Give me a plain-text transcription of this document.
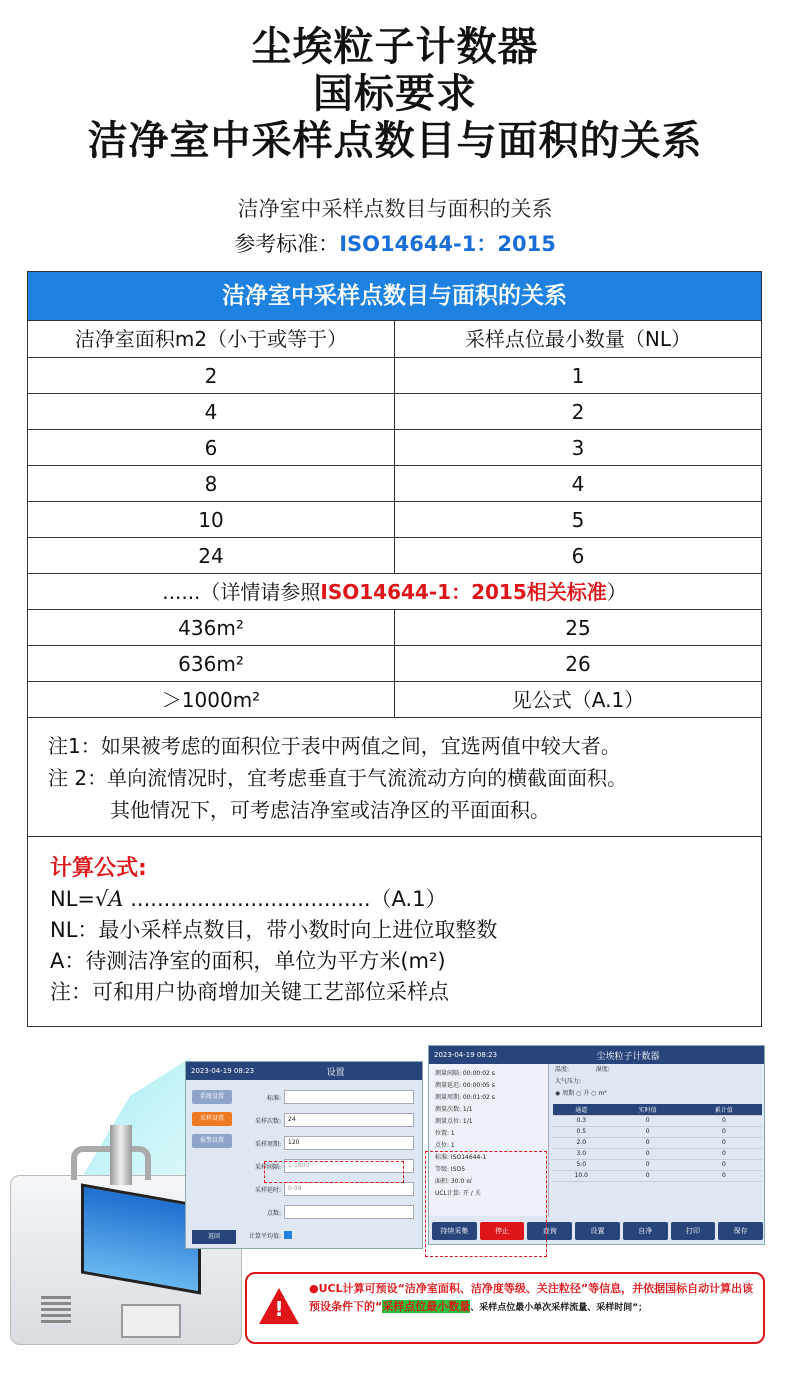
尘埃粒子计数器
国标要求
洁净室中采样点数目与面积的关系
洁净室中采样点数目与面积的关系
参考标准：ISO14644-1：2015
洁净室中采样点数目与面积的关系
洁净室面积m2（小于或等于）	采样点位最小数量（NL）
2	1
4	2
6	3
8	4
10	5
24	6
......（详情请参照ISO14644-1：2015相关标准）
436m²	25
636m²	26
＞1000m²	见公式（A.1）
注1：如果被考虑的面积位于表中两值之间，宜选两值中较大者。
注 2：单向流情况时，宜考虑垂直于气流流动方向的横截面面积。
其他情况下，可考虑洁净室或洁净区的平面面积。
计算公式:
NL=√A ....................................（A.1）
NL：最小采样点数目，带小数时向上进位取整数
A：待测洁净室的面积，单位为平方米(m²)
注：可和用户协商增加关键工艺部位采样点
2023-04-19 08:23	设置
系统设置
采样设置
报警设置
标准:
采样次数:	24
采样周期:	120
采样间隔:	1-1800
采样延时:	0-99
点数:
计算平均值:
返回
2023-04-19 08:23	尘埃粒子计数器
测量间隔: 00:00:02 s
测量延迟: 00:00:05 s
测量周期: 00:01:02 s
测量次数: 1/1
测量点位: 1/1
位置: 1
点位: 1
标准: ISO14644-1
等级: ISO5
面积: 30.0 ㎡
UCL计算: 开 / 关
温度:	湿度:
大气压力:
◉ 周期 ○ 升 ○ m³
通道	实时值	累计值
0.3	0	0
0.5	0	0
2.0	0	0
3.0	0	0
5.0	0	0
10.0	0	0
持续采集	停止	查询	设置	自净	打印	保存
!
●UCL计算可预设“洁净室面积、洁净度等级、关注粒径”等信息，并依据国标自动计算出该预设条件下的“采样点位最小数量、采样点位最小单次采样流量、采样时间”；
